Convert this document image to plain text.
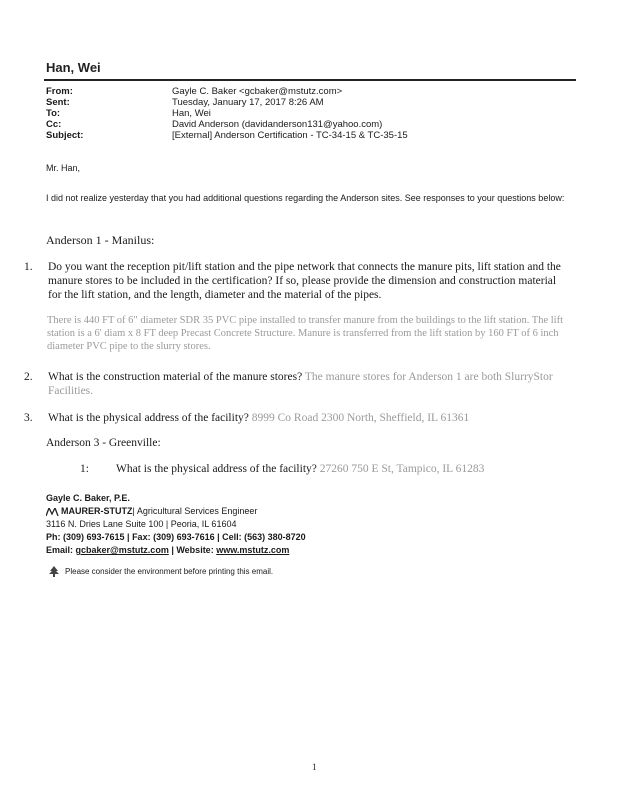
Han, Wei
From:	Gayle C. Baker <gcbaker@mstutz.com>
Sent:	Tuesday, January 17, 2017 8:26 AM
To:	Han, Wei
Cc:	David Anderson (davidanderson131@yahoo.com)
Subject:	[External] Anderson Certification - TC-34-15 & TC-35-15
Mr. Han,
I did not realize yesterday that you had additional questions regarding the Anderson sites. See responses to your questions below:
Anderson 1 - Manilus:
1.	Do you want the reception pit/lift station and the pipe network that connects the manure pits, lift station and the manure stores to be included in the certification? If so, please provide the dimension and construction material for the lift station, and the length, diameter and the material of the pipes.
There is 440 FT of 6" diameter SDR 35 PVC pipe installed to transfer manure from the buildings to the lift station. The lift station is a 6' diam x 8 FT deep Precast Concrete Structure. Manure is transferred from the lift station by 160 FT of 6 inch diameter PVC pipe to the slurry stores.
2.	What is the construction material of the manure stores? The manure stores for Anderson 1 are both SlurryStor Facilities.
3.	What is the physical address of the facility? 8999 Co Road 2300 North, Sheffield, IL 61361
Anderson 3 - Greenville:
1:	What is the physical address of the facility? 27260 750 E St, Tampico, IL 61283
Gayle C. Baker, P.E.
MAURER-STUTZ| Agricultural Services Engineer
3116 N. Dries Lane Suite 100 | Peoria, IL 61604
Ph: (309) 693-7615 | Fax: (309) 693-7616 | Cell: (563) 380-8720
Email: gcbaker@mstutz.com | Website: www.mstutz.com
Please consider the environment before printing this email.
1
